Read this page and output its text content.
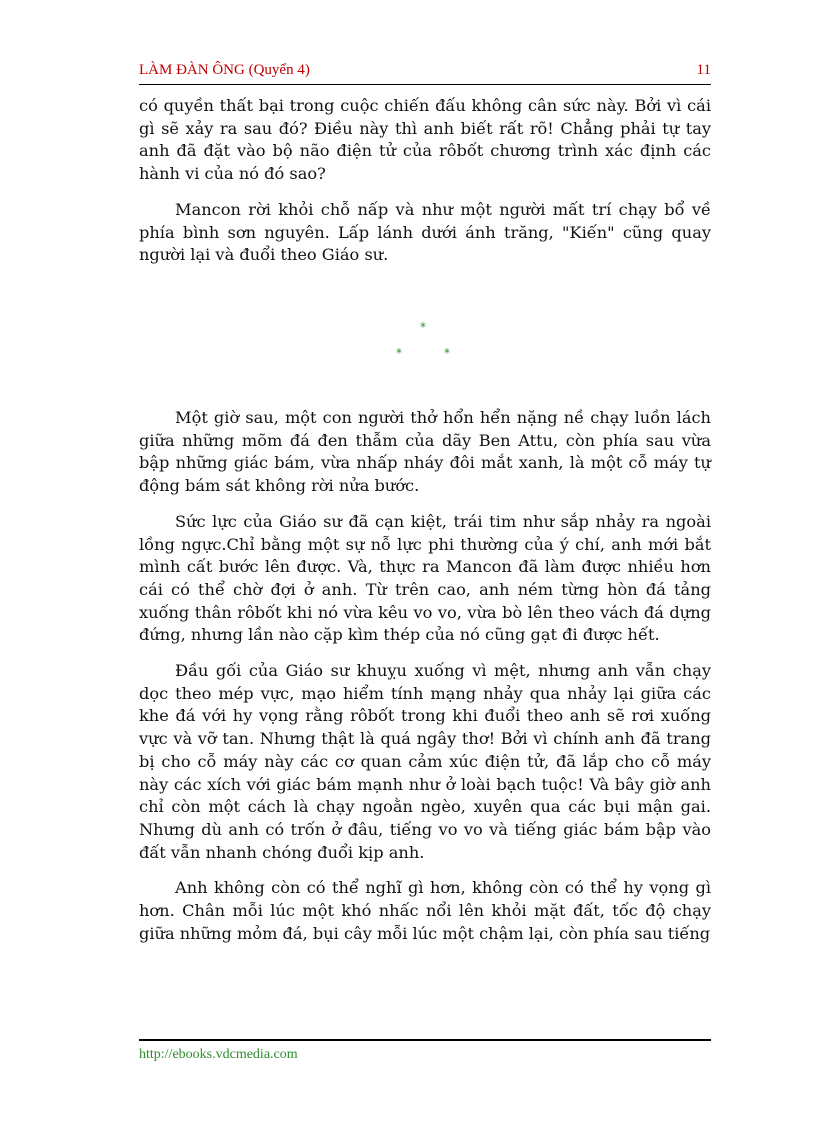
LÀM ĐÀN ÔNG (Quyển 4)	11

có quyền thất bại trong cuộc chiến đấu không cân sức này. Bởi vì cái gì sẽ xảy ra sau đó? Điều này thì anh biết rất rõ! Chẳng phải tự tay anh đã đặt vào bộ não điện tử của rôbốt chương trình xác định các hành vi của nó đó sao?

Mancon rời khỏi chỗ nấp và như một người mất trí chạy bổ về phía bình sơn nguyên. Lấp lánh dưới ánh trăng, "Kiến" cũng quay người lại và đuổi theo Giáo sư.

*
*	*

Một giờ sau, một con người thở hổn hển nặng nề chạy luồn lách giữa những mõm đá đen thẫm của dãy Ben Attu, còn phía sau vừa bập những giác bám, vừa nhấp nháy đôi mắt xanh, là một cỗ máy tự động bám sát không rời nửa bước.

Sức lực của Giáo sư đã cạn kiệt, trái tim như sắp nhảy ra ngoài lồng ngực.Chỉ bằng một sự nỗ lực phi thường của ý chí, anh mới bắt mình cất bước lên được. Và, thực ra Mancon đã làm được nhiều hơn cái có thể chờ đợi ở anh. Từ trên cao, anh ném từng hòn đá tảng xuống thân rôbốt khi nó vừa kêu vo vo, vừa bò lên theo vách đá dựng đứng, nhưng lần nào cặp kìm thép của nó cũng gạt đi được hết.

Đầu gối của Giáo sư khuỵu xuống vì mệt, nhưng anh vẫn chạy dọc theo mép vực, mạo hiểm tính mạng nhảy qua nhảy lại giữa các khe đá với hy vọng rằng rôbốt trong khi đuổi theo anh sẽ rơi xuống vực và vỡ tan. Nhưng thật là quá ngây thơ! Bởi vì chính anh đã trang bị cho cỗ máy này các cơ quan cảm xúc điện tử, đã lắp cho cỗ máy này các xích với giác bám mạnh như ở loài bạch tuộc! Và bây giờ anh chỉ còn một cách là chạy ngoằn ngèo, xuyên qua các bụi mận gai. Nhưng dù anh có trốn ở đâu, tiếng vo vo và tiếng giác bám bập vào đất vẫn nhanh chóng đuổi kịp anh.

Anh không còn có thể nghĩ gì hơn, không còn có thể hy vọng gì hơn. Chân mỗi lúc một khó nhấc nổi lên khỏi mặt đất, tốc độ chạy giữa những mỏm đá, bụi cây mỗi lúc một chậm lại, còn phía sau tiếng

http://ebooks.vdcmedia.com
